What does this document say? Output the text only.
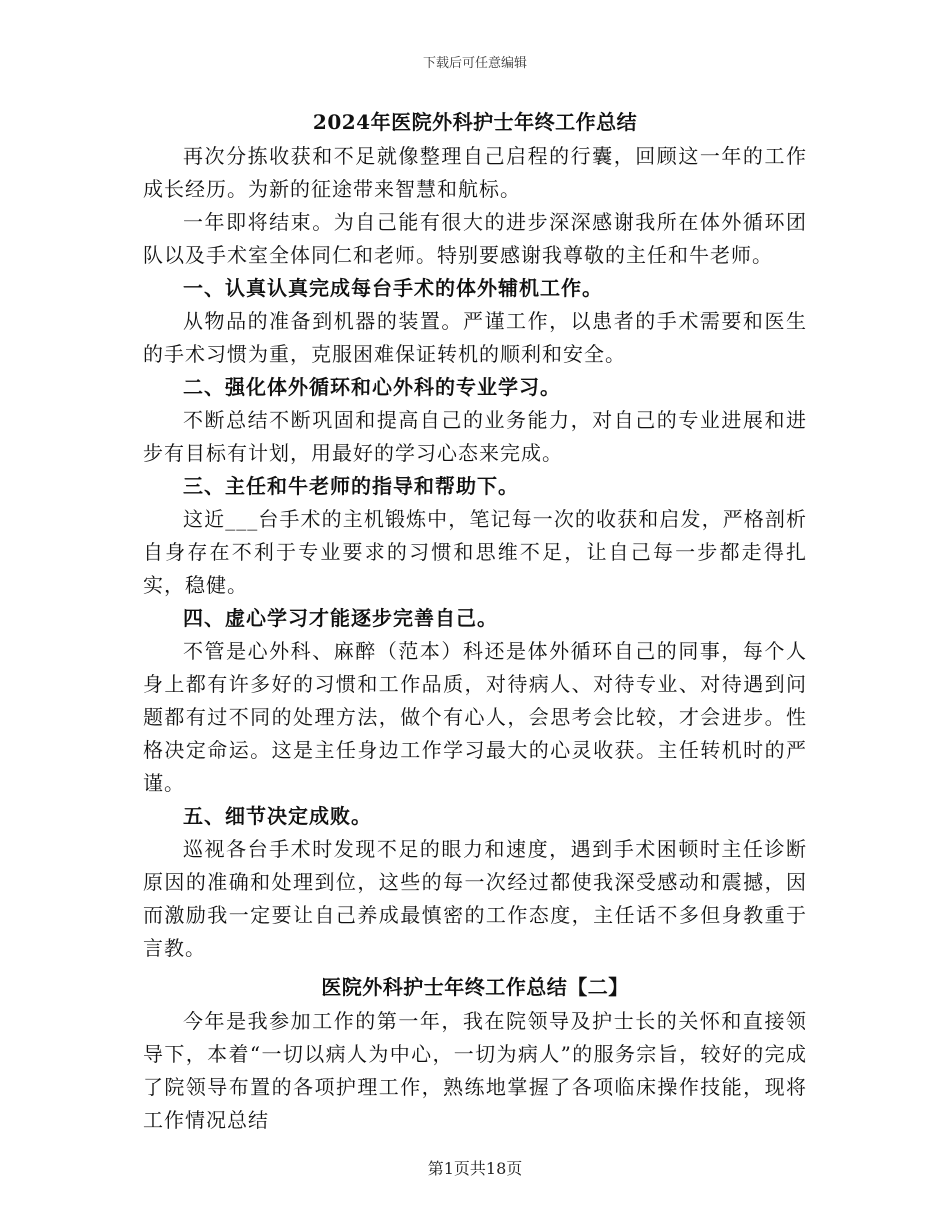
下载后可任意编辑
2024年医院外科护士年终工作总结

再次分拣收获和不足就像整理自己启程的行囊，回顾这一年的工作成长经历。为新的征途带来智慧和航标。

一年即将结束。为自己能有很大的进步深深感谢我所在体外循环团队以及手术室全体同仁和老师。特别要感谢我尊敬的主任和牛老师。

一、认真认真完成每台手术的体外辅机工作。

从物品的准备到机器的装置。严谨工作，以患者的手术需要和医生的手术习惯为重，克服困难保证转机的顺利和安全。

二、强化体外循环和心外科的专业学习。

不断总结不断巩固和提高自己的业务能力，对自己的专业进展和进步有目标有计划，用最好的学习心态来完成。

三、主任和牛老师的指导和帮助下。

这近___台手术的主机锻炼中，笔记每一次的收获和启发，严格剖析自身存在不利于专业要求的习惯和思维不足，让自己每一步都走得扎实，稳健。

四、虚心学习才能逐步完善自己。

不管是心外科、麻醉（范本）科还是体外循环自己的同事，每个人身上都有许多好的习惯和工作品质，对待病人、对待专业、对待遇到问题都有过不同的处理方法，做个有心人，会思考会比较，才会进步。性格决定命运。这是主任身边工作学习最大的心灵收获。主任转机时的严谨。

五、细节决定成败。

巡视各台手术时发现不足的眼力和速度，遇到手术困顿时主任诊断原因的准确和处理到位，这些的每一次经过都使我深受感动和震撼，因而激励我一定要让自己养成最慎密的工作态度，主任话不多但身教重于言教。

医院外科护士年终工作总结【二】

今年是我参加工作的第一年，我在院领导及护士长的关怀和直接领导下，本着“一切以病人为中心，一切为病人”的服务宗旨，较好的完成了院领导布置的各项护理工作，熟练地掌握了各项临床操作技能，现将工作情况总结

第1页共18页
